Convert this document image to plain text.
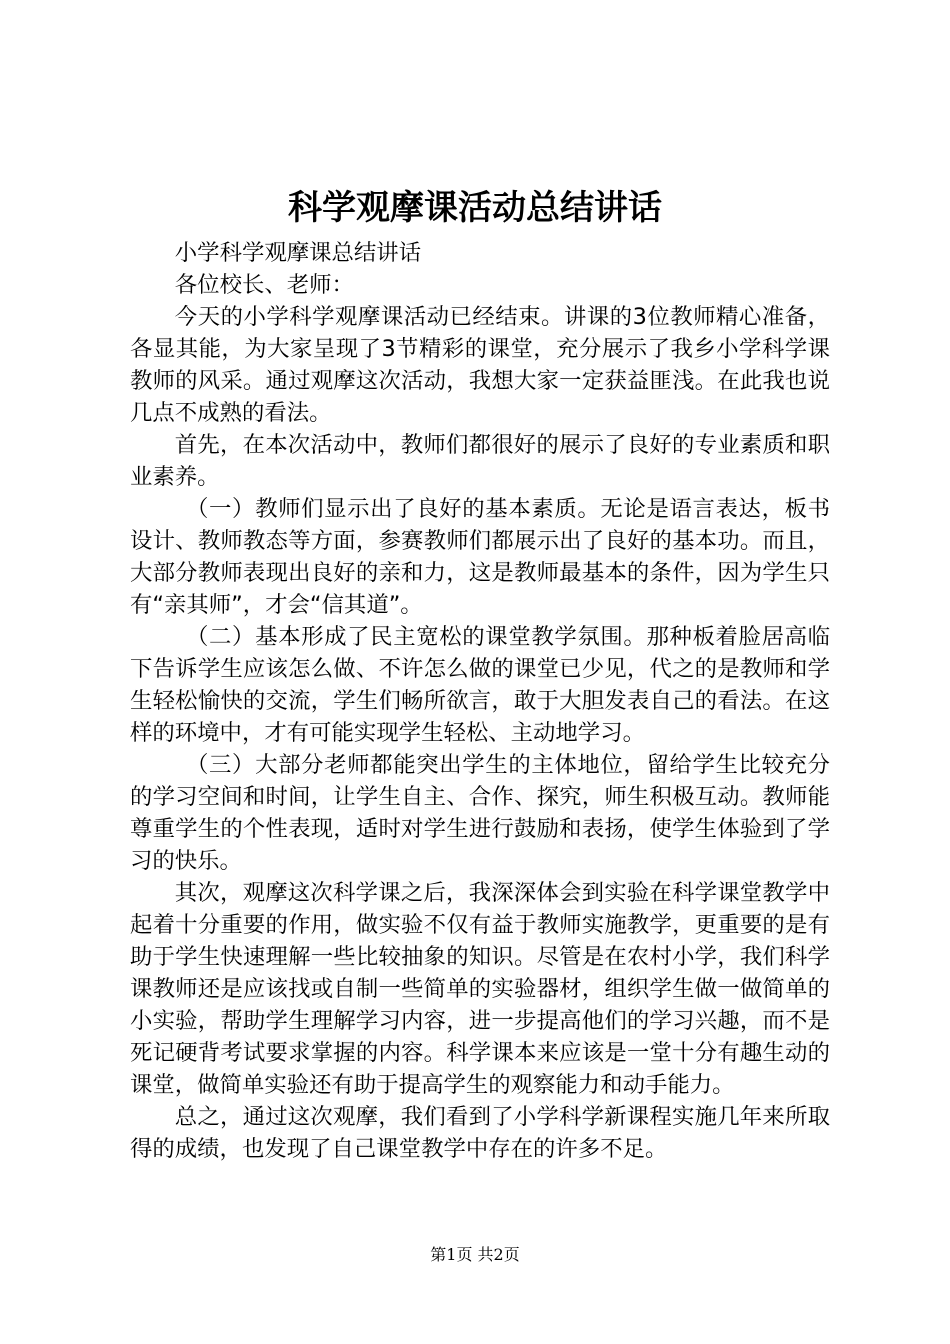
科学观摩课活动总结讲话

小学科学观摩课总结讲话

各位校长、老师：

今天的小学科学观摩课活动已经结束。讲课的3位教师精心准备，各显其能，为大家呈现了3节精彩的课堂，充分展示了我乡小学科学课教师的风采。通过观摩这次活动，我想大家一定获益匪浅。在此我也说几点不成熟的看法。

首先，在本次活动中，教师们都很好的展示了良好的专业素质和职业素养。

（一）教师们显示出了良好的基本素质。无论是语言表达，板书设计、教师教态等方面，参赛教师们都展示出了良好的基本功。而且，大部分教师表现出良好的亲和力，这是教师最基本的条件，因为学生只有“亲其师”，才会“信其道”。

（二）基本形成了民主宽松的课堂教学氛围。那种板着脸居高临下告诉学生应该怎么做、不许怎么做的课堂已少见，代之的是教师和学生轻松愉快的交流，学生们畅所欲言，敢于大胆发表自己的看法。在这样的环境中，才有可能实现学生轻松、主动地学习。

（三）大部分老师都能突出学生的主体地位，留给学生比较充分的学习空间和时间，让学生自主、合作、探究，师生积极互动。教师能尊重学生的个性表现，适时对学生进行鼓励和表扬，使学生体验到了学习的快乐。

其次，观摩这次科学课之后，我深深体会到实验在科学课堂教学中起着十分重要的作用，做实验不仅有益于教师实施教学，更重要的是有助于学生快速理解一些比较抽象的知识。尽管是在农村小学，我们科学课教师还是应该找或自制一些简单的实验器材，组织学生做一做简单的小实验，帮助学生理解学习内容，进一步提高他们的学习兴趣，而不是死记硬背考试要求掌握的内容。科学课本来应该是一堂十分有趣生动的课堂，做简单实验还有助于提高学生的观察能力和动手能力。

总之，通过这次观摩，我们看到了小学科学新课程实施几年来所取得的成绩，也发现了自己课堂教学中存在的许多不足。

第1页 共2页
